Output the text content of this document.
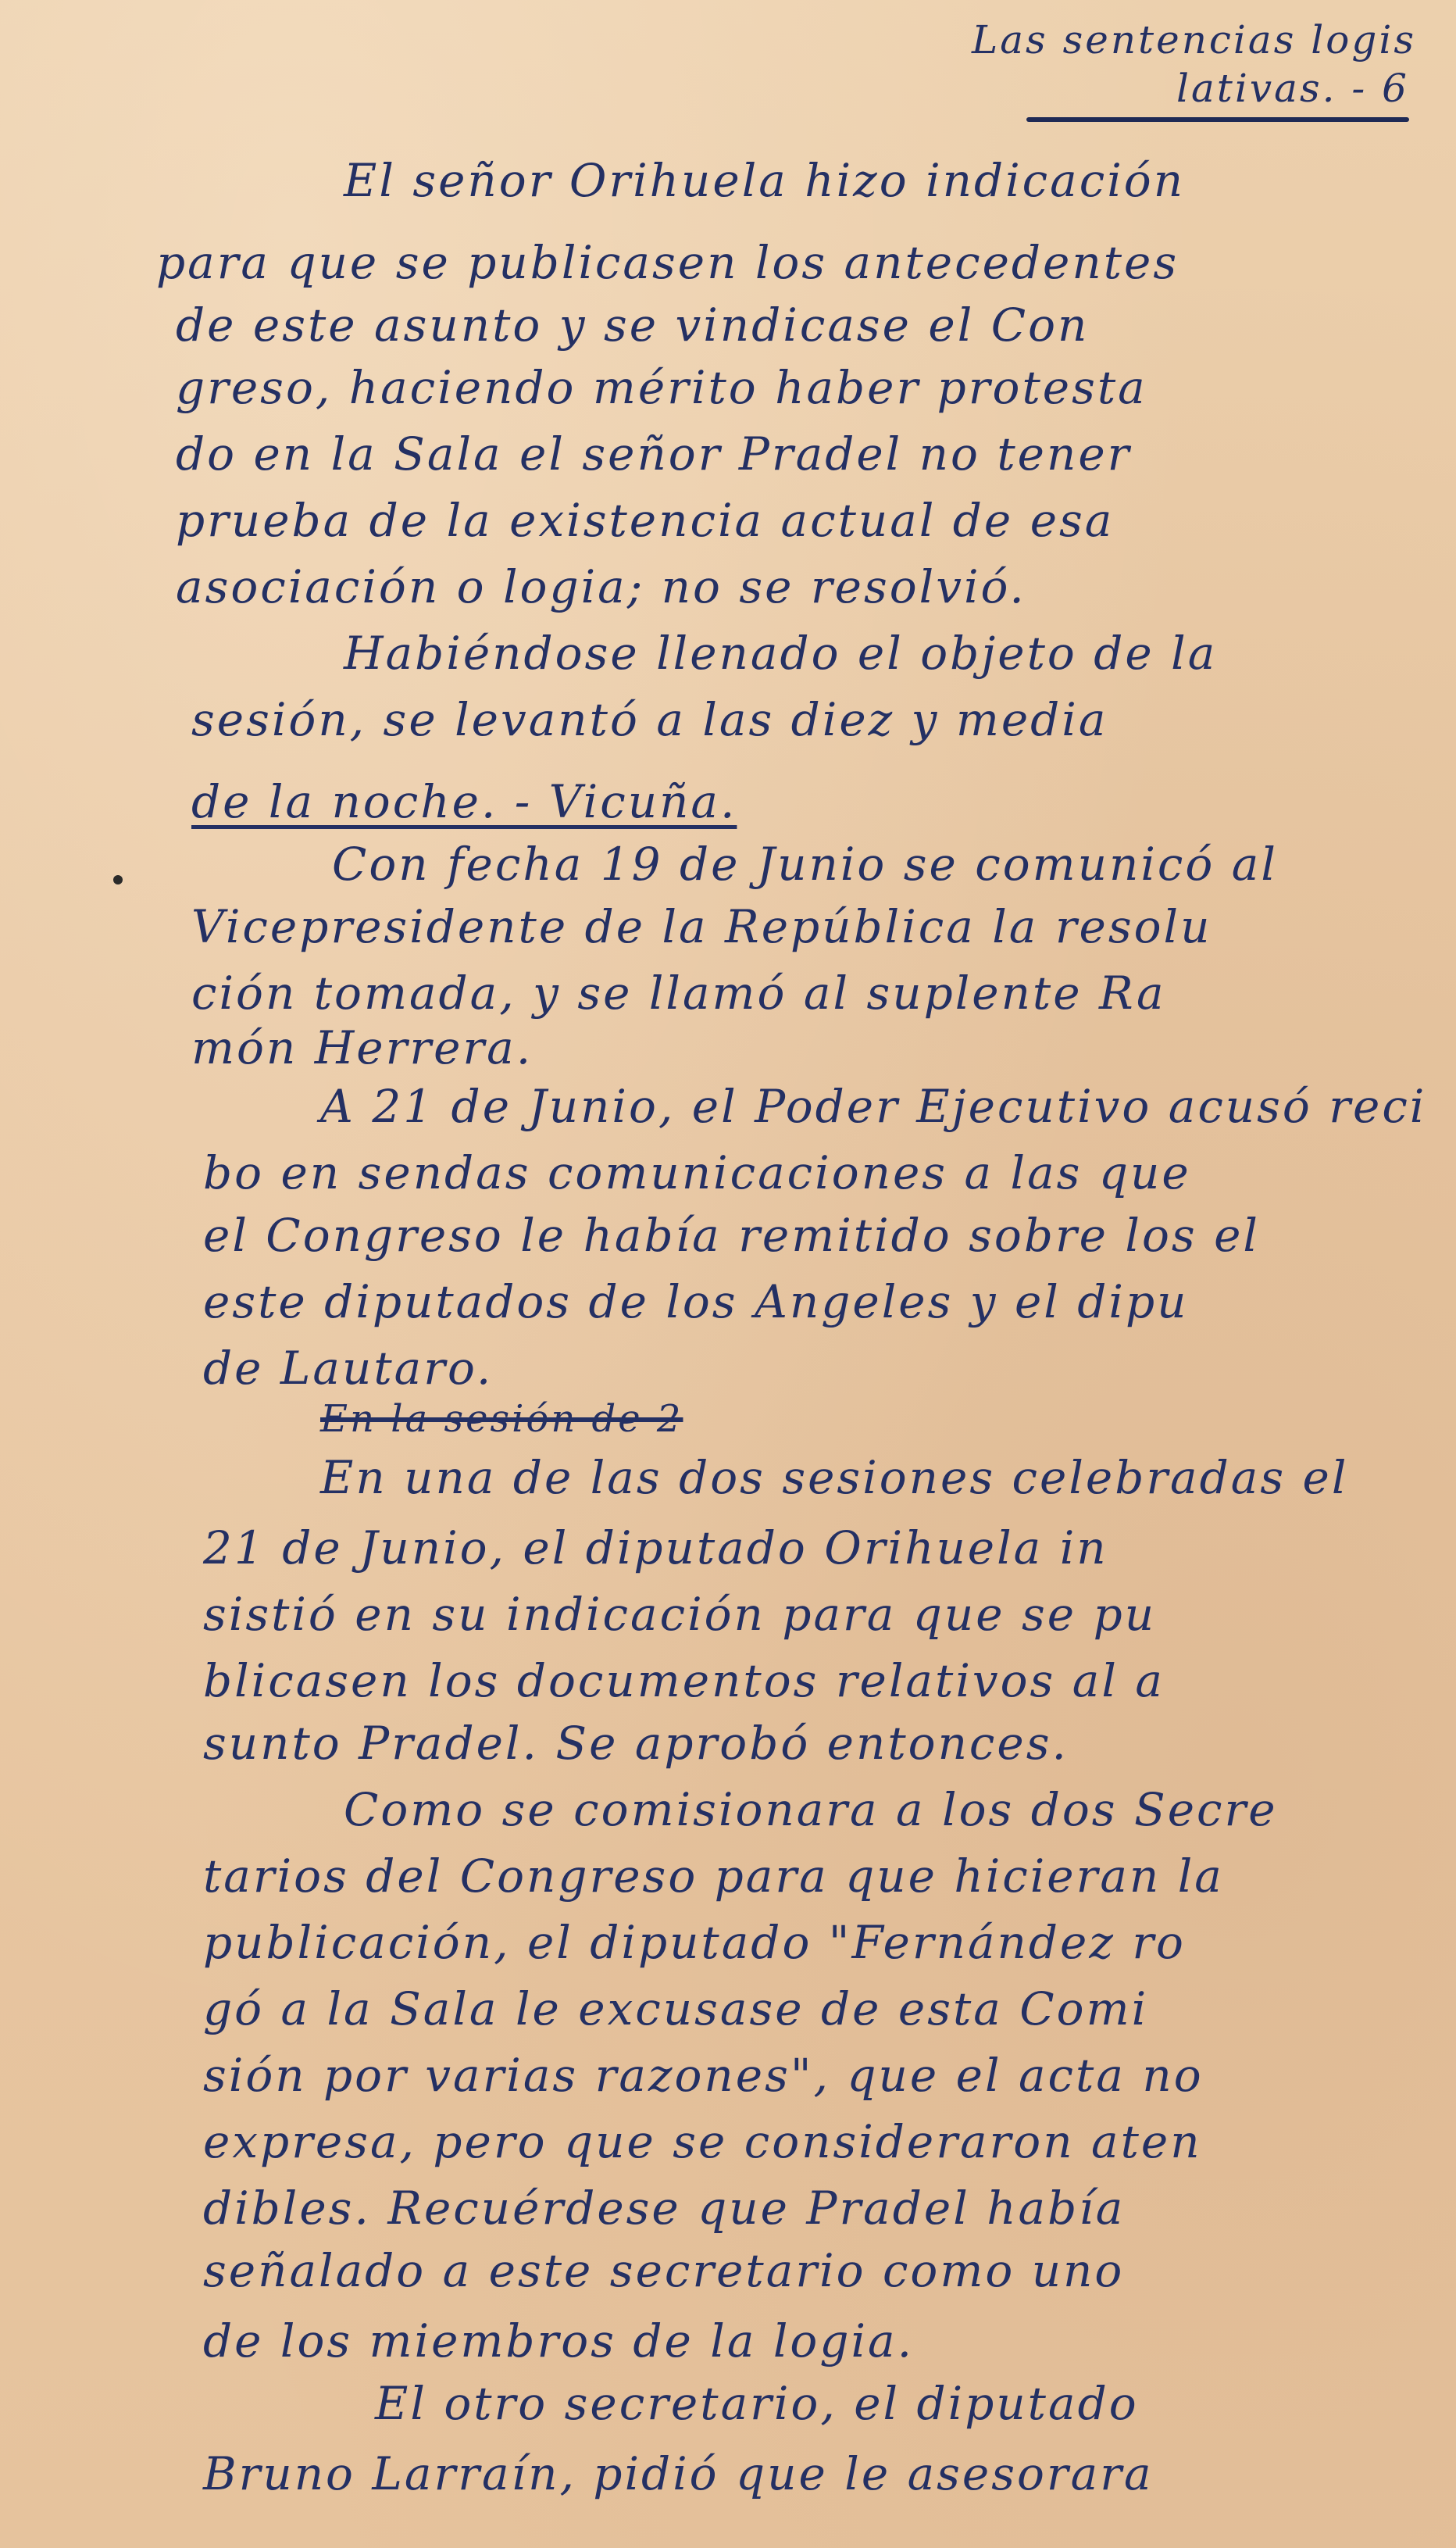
Las sentencias logis
lativas. - 6
El señor Orihuela hizo indicación
para que se publicasen los antecedentes
de este asunto y se vindicase el Con
greso, haciendo mérito haber protesta
do en la Sala el señor Pradel no tener
prueba de la existencia actual de esa
asociación o logia; no se resolvió.
Habiéndose llenado el objeto de la
sesión, se levantó a las diez y media
de la noche. - Vicuña.
Con fecha 19 de Junio se comunicó al
Vicepresidente de la República la resolu
ción tomada, y se llamó al suplente Ra
món Herrera.
A 21 de Junio, el Poder Ejecutivo acusó reci
bo en sendas comunicaciones a las que
el Congreso le había remitido sobre los el
este diputados de los Angeles y el dipu
de Lautaro.
En la sesión de 2
En una de las dos sesiones celebradas el
21 de Junio, el diputado Orihuela in
sistió en su indicación para que se pu
blicasen los documentos relativos al a
sunto Pradel. Se aprobó entonces.
Como se comisionara a los dos Secre
tarios del Congreso para que hicieran la
publicación, el diputado "Fernández ro
gó a la Sala le excusase de esta Comi
sión por varias razones", que el acta no
expresa, pero que se consideraron aten
dibles. Recuérdese que Pradel había
señalado a este secretario como uno
de los miembros de la logia.
El otro secretario, el diputado
Bruno Larraín, pidió que le asesorara
